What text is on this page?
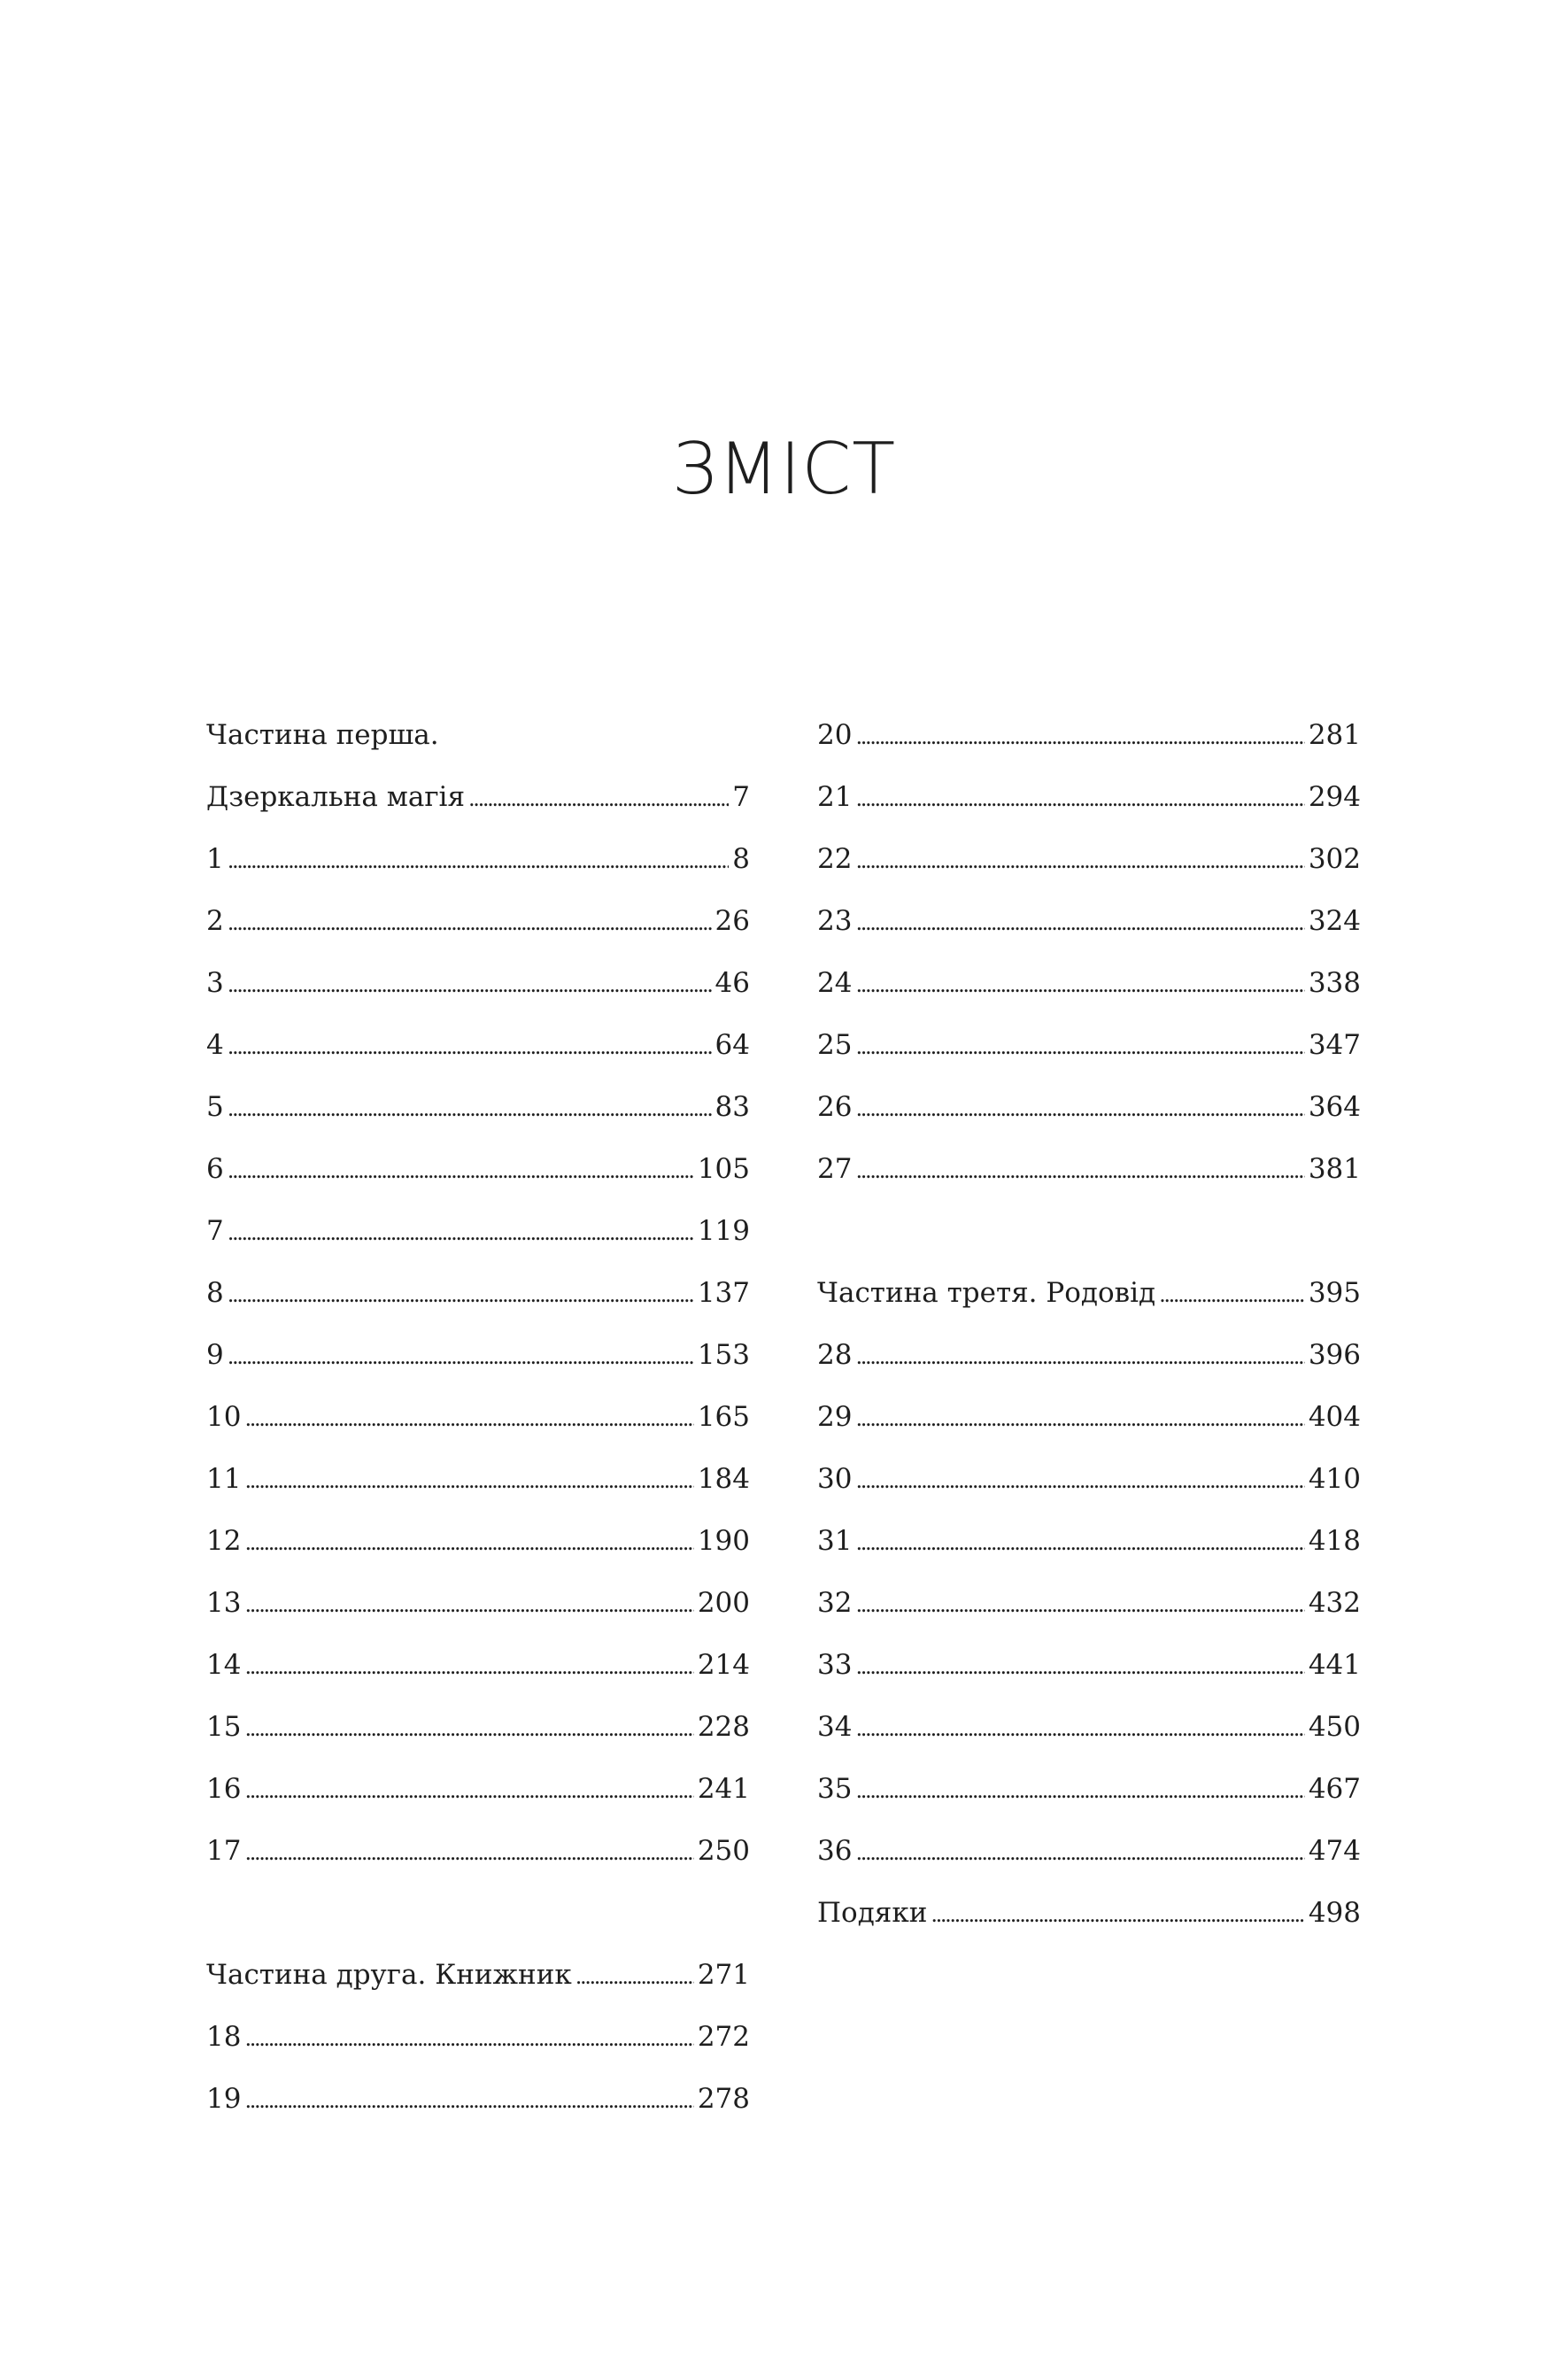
ЗМІСТ
Частина перша.
Дзеркальна магія . . .	7
1 . . .	8
2 . . .	26
3 . . .	46
4 . . .	64
5 . . .	83
6 . . .	105
7 . . .	119
8 . . .	137
9 . . .	153
10 . . .	165
11 . . .	184
12 . . .	190
13 . . .	200
14 . . .	214
15 . . .	228
16 . . .	241
17 . . .	250
Частина друга. Книжник . . .	271
18 . . .	272
19 . . .	278
20 . . .	281
21 . . .	294
22 . . .	302
23 . . .	324
24 . . .	338
25 . . .	347
26 . . .	364
27 . . .	381
Частина третя. Родовід . . .	395
28 . . .	396
29 . . .	404
30 . . .	410
31 . . .	418
32 . . .	432
33 . . .	441
34 . . .	450
35 . . .	467
36 . . .	474
Подяки . . .	498
